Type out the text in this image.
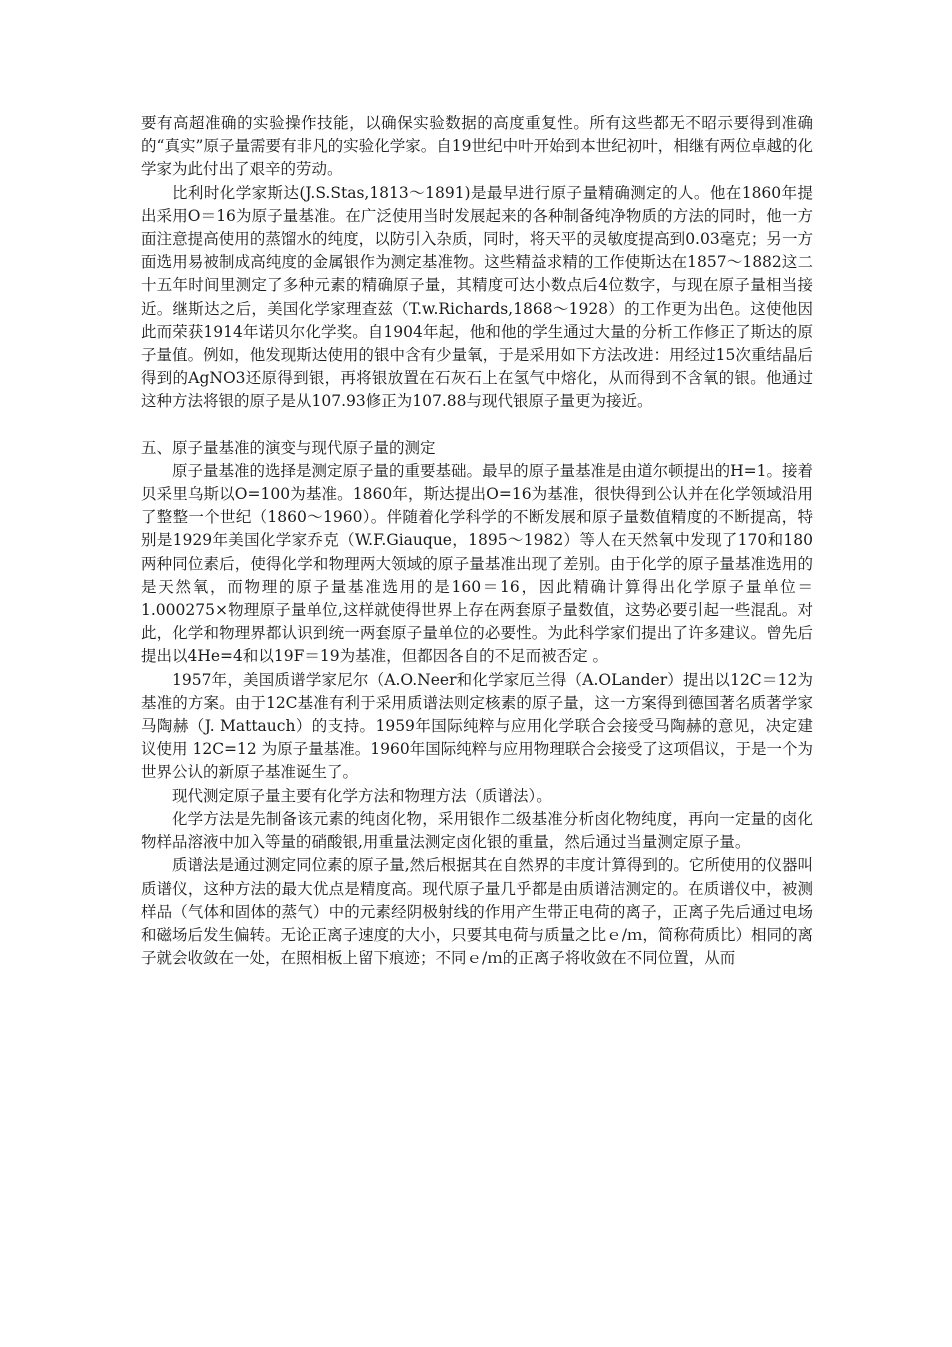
要有高超准确的实验操作技能，以确保实验数据的高度重复性。所有这些都无不昭示要得到准确的“真实”原子量需要有非凡的实验化学家。自19世纪中叶开始到本世纪初叶，相继有两位卓越的化学家为此付出了艰辛的劳动。

比利时化学家斯达(J.S.Stas,1813～1891)是最早进行原子量精确测定的人。他在1860年提出采用O＝16为原子量基准。在广泛使用当时发展起来的各种制备纯净物质的方法的同时，他一方面注意提高使用的蒸馏水的纯度，以防引入杂质，同时，将天平的灵敏度提高到0.03毫克；另一方面选用易被制成高纯度的金属银作为测定基准物。这些精益求精的工作使斯达在1857～1882这二十五年时间里测定了多种元素的精确原子量，其精度可达小数点后4位数字，与现在原子量相当接近。继斯达之后，美国化学家理查兹（T.w.Richards,1868～1928）的工作更为出色。这使他因此而荣获1914年诺贝尔化学奖。自1904年起，他和他的学生通过大量的分析工作修正了斯达的原子量值。例如，他发现斯达使用的银中含有少量氧，于是采用如下方法改进：用经过15次重结晶后得到的AgNO3还原得到银，再将银放置在石灰石上在氢气中熔化，从而得到不含氧的银。他通过这种方法将银的原子是从107.93修正为107.88与现代银原子量更为接近。

五、原子量基准的演变与现代原子量的测定

原子量基准的选择是测定原子量的重要基础。最早的原子量基准是由道尔顿提出的H=1。接着贝采里乌斯以O=100为基准。1860年，斯达提出O=16为基准，很快得到公认并在化学领域沿用了整整一个世纪（1860～1960）。伴随着化学科学的不断发展和原子量数值精度的不断提高，特别是1929年美国化学家乔克（W.F.Giauque，1895～1982）等人在天然氧中发现了170和180两种同位素后，使得化学和物理两大领域的原子量基准出现了差别。由于化学的原子量基准选用的是天然氧，而物理的原子量基准选用的是160＝16，因此精确计算得出化学原子量单位＝1.000275×物理原子量单位,这样就使得世界上存在两套原子量数值，这势必要引起一些混乱。对此，化学和物理界都认识到统一两套原子量单位的必要性。为此科学家们提出了许多建议。曾先后提出以4He=4和以19F＝19为基准，但都因各自的不足而被否定 。

1957年，美国质谱学家尼尔（A.O.Neer和化学家厄兰得（A.OLander）提出以12C＝12为基准的方案。由于12C基准有利于采用质谱法则定核素的原子量，这一方案得到德国著名质著学家马陶赫（J. Mattauch）的支持。1959年国际纯粹与应用化学联合会接受马陶赫的意见，决定建议使用 12C=12 为原子量基准。1960年国际纯粹与应用物理联合会接受了这项倡议，于是一个为世界公认的新原子基准诞生了。

现代测定原子量主要有化学方法和物理方法（质谱法）。

化学方法是先制备该元素的纯卤化物，采用银作二级基准分析卤化物纯度，再向一定量的卤化物样品溶液中加入等量的硝酸银,用重量法测定卤化银的重量，然后通过当量测定原子量。

质谱法是通过测定同位素的原子量,然后根据其在自然界的丰度计算得到的。它所使用的仪器叫质谱仪，这种方法的最大优点是精度高。现代原子量几乎都是由质谱洁测定的。在质谱仪中，被测样品（气体和固体的蒸气）中的元素经阴极射线的作用产生带正电荷的离子，正离子先后通过电场和磁场后发生偏转。无论正离子速度的大小，只要其电荷与质量之比ｅ/ｍ，简称荷质比）相同的离子就会收敛在一处，在照相板上留下痕迹；不同ｅ/ｍ的正离子将收敛在不同位置，从而
